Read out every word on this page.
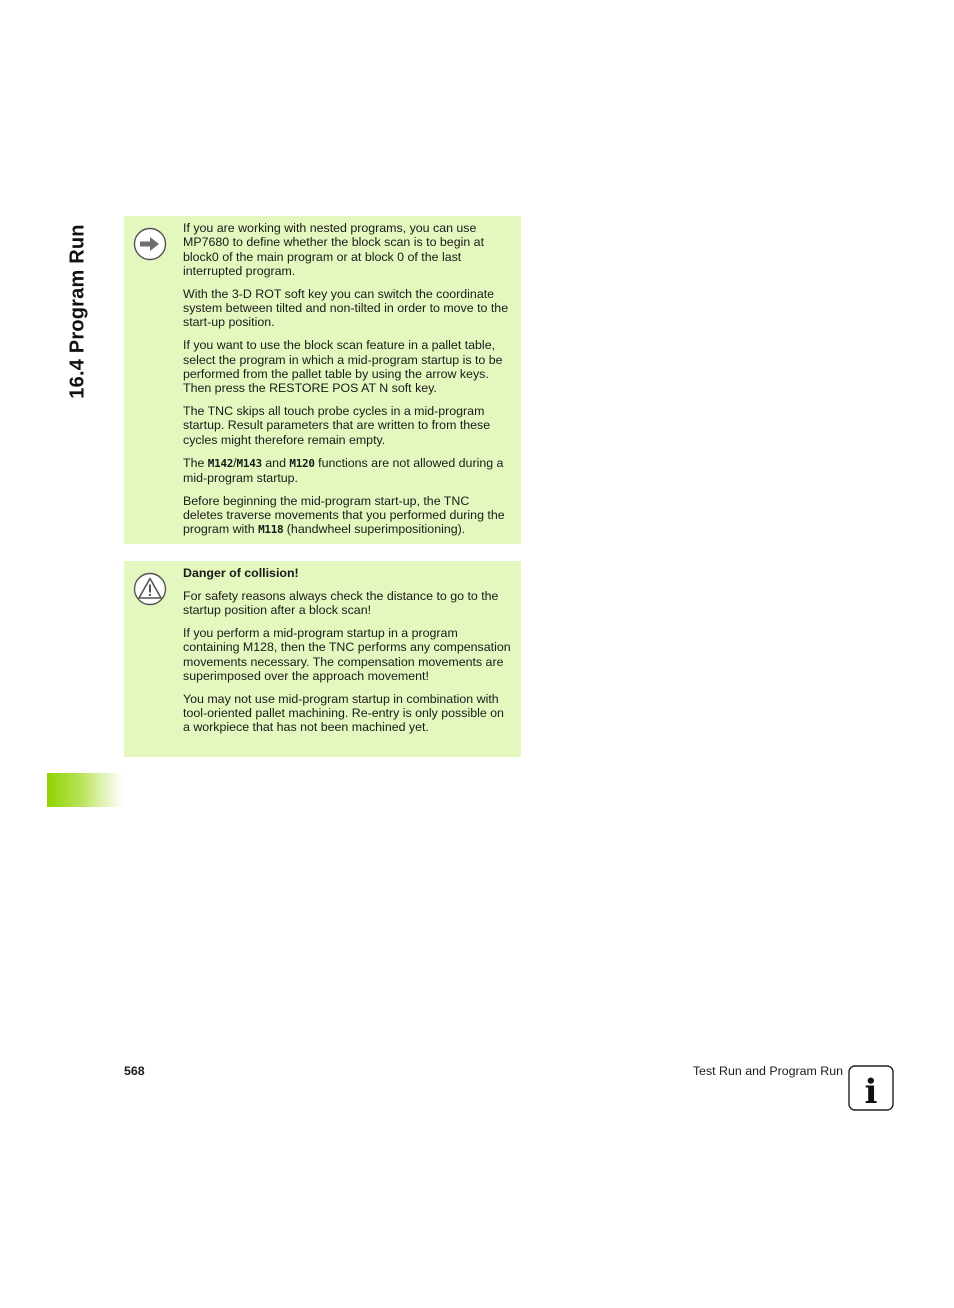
16.4 Program Run	If you are working with nested programs, you can use MP7680 to define whether the block scan is to begin at block0 of the main program or at block 0 of the last interrupted program.

With the 3-D ROT soft key you can switch the coordinate system between tilted and non-tilted in order to move to the start-up position.

If you want to use the block scan feature in a pallet table, select the program in which a mid-program startup is to be performed from the pallet table by using the arrow keys. Then press the RESTORE POS AT N soft key.

The TNC skips all touch probe cycles in a mid-program startup. Result parameters that are written to from these cycles might therefore remain empty.

The M142/M143 and M120 functions are not allowed during a mid-program startup.

Before beginning the mid-program start-up, the TNC deletes traverse movements that you performed during the program with M118 (handwheel superimpositioning).

Danger of collision!

For safety reasons always check the distance to go to the startup position after a block scan!

If you perform a mid-program startup in a program containing M128, then the TNC performs any compensation movements necessary. The compensation movements are superimposed over the approach movement!

You may not use mid-program startup in combination with tool-oriented pallet machining. Re-entry is only possible on a workpiece that has not been machined yet.

568	Test Run and Program Run
i
